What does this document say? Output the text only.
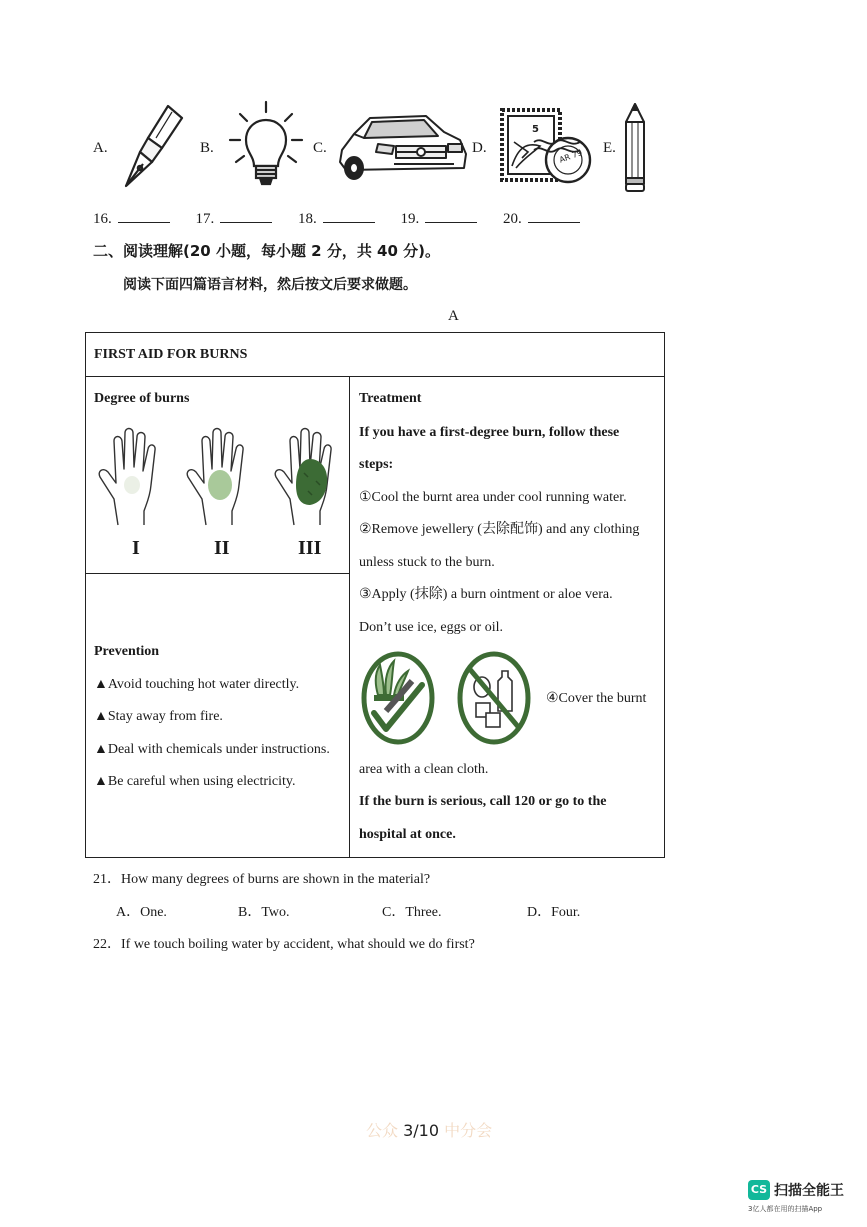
A.	B.	C.	D.
5
AR 79
E.
16.	17.	18.	19.	20.
二、阅读理解(20 小题，每小题 2 分，共 40 分)。
阅读下面四篇语言材料，然后按文后要求做题。
A
FIRST AID FOR BURNS
Degree of burns
I	II	III
Prevention
▲Avoid touching hot water directly.
▲Stay away from fire.
▲Deal with chemicals under instructions.
▲Be careful when using electricity.
Treatment
If you have a first-degree burn, follow these
steps:
①Cool the burnt area under cool running water.
②Remove jewellery (去除配饰) and any clothing
unless stuck to the burn.
③Apply (抹除) a burn ointment or aloe vera.
Don’t use ice, eggs or oil.
④Cover the burnt
area with a clean cloth.
If the burn is serious, call 120 or go to the
hospital at once.
21．How many degrees of burns are shown in the material?
A．One.	B．Two.	C．Three.	D．Four.
22．If we touch boiling water by accident, what should we do first?
公众 3/10 中分会
CS 扫描全能王
3亿人都在用的扫描App
